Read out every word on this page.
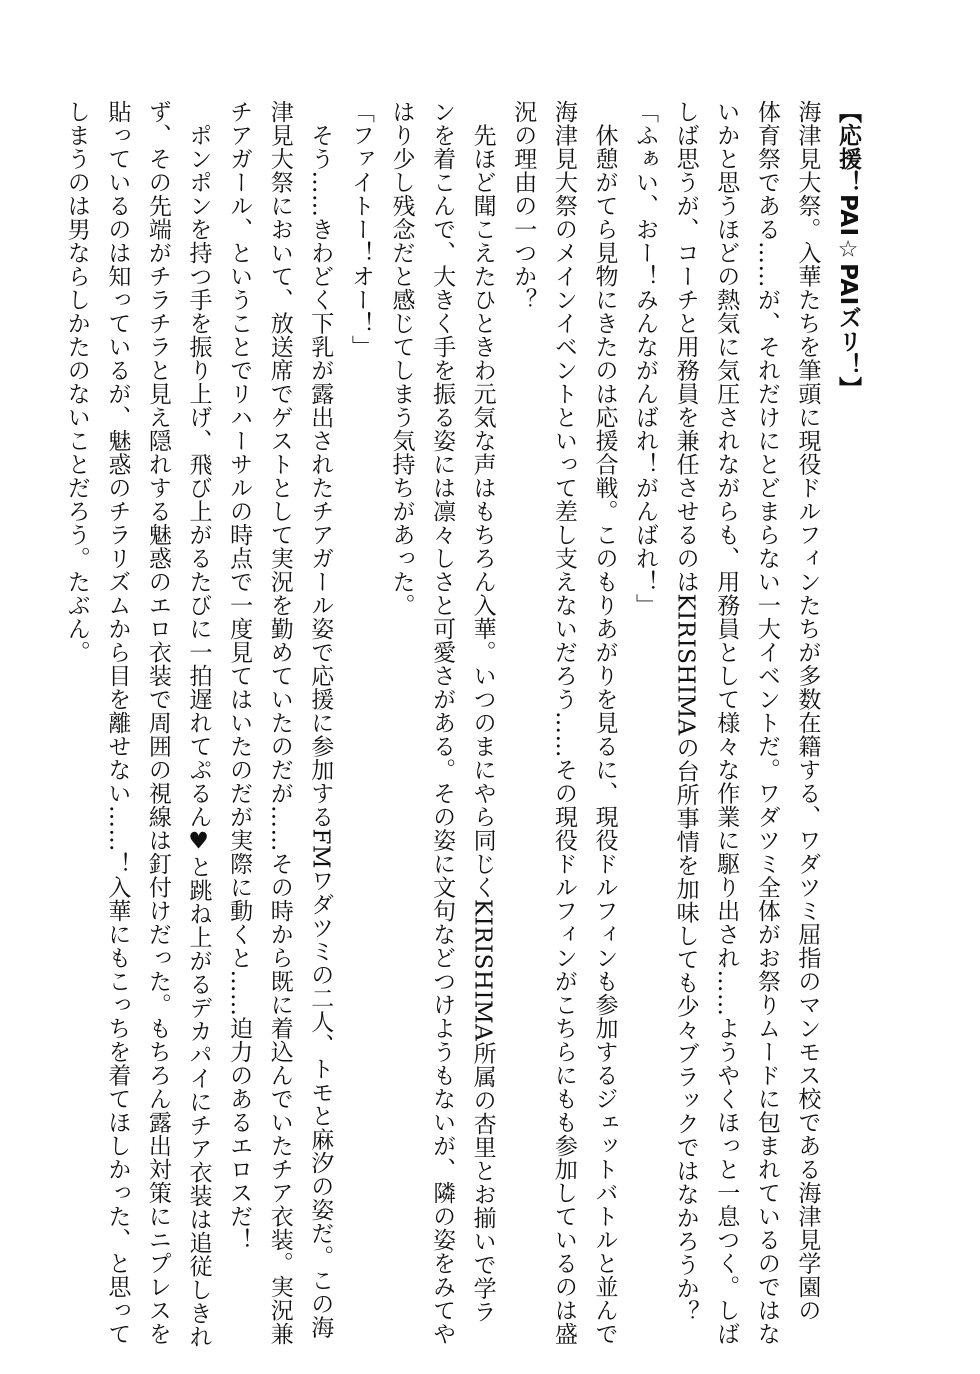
【応援！PAI☆PAIズリ！】
海津見大祭。入華たちを筆頭に現役ドルフィンたちが多数在籍する、ワダツミ屈指のマンモス校である海津見学園の
体育祭である……が、それだけにとどまらない一大イベントだ。ワダツミ全体がお祭りムードに包まれているのではな
いかと思うほどの熱気に気圧されながらも、用務員として様々な作業に駆り出され……ようやくほっと一息つく。しば
しば思うが、コーチと用務員を兼任させるのはKIRISHIMAの台所事情を加味しても少々ブラックではなかろうか？
「ふぁい、おー！みんながんばれ！がんばれ！」
　休憩がてら見物にきたのは応援合戦。このもりあがりを見るに、現役ドルフィンも参加するジェットバトルと並んで
海津見大祭のメインイベントといって差し支えないだろう……その現役ドルフィンがこちらにもも参加しているのは盛
況の理由の一つか？
　先ほど聞こえたひときわ元気な声はもちろん入華。いつのまにやら同じくKIRISHIMA所属の杏里とお揃いで学ラ
ンを着こんで、大きく手を振る姿には凛々しさと可愛さがある。その姿に文句などつけようもないが、隣の姿をみてや
はり少し残念だと感じてしまう気持ちがあった。
「ファイトー！オー！」
　そう……きわどく下乳が露出されたチアガール姿で応援に参加するFMワダツミの二人、トモと麻汐の姿だ。この海
津見大祭において、放送席でゲストとして実況を勤めていたのだが……その時から既に着込んでいたチア衣装。実況兼
チアガール、ということでリハーサルの時点で一度見てはいたのだが実際に動くと……迫力のあるエロスだ！
　ポンポンを持つ手を振り上げ、飛び上がるたびに一拍遅れてぷるん♥と跳ね上がるデカパイにチア衣装は追従しきれ
ず、その先端がチラチラと見え隠れする魅惑のエロ衣装で周囲の視線は釘付けだった。もちろん露出対策にニプレスを
貼っているのは知っているが、魅惑のチラリズムから目を離せない……！入華にもこっちを着てほしかった、と思って
しまうのは男ならしかたのないことだろう。たぶん。
